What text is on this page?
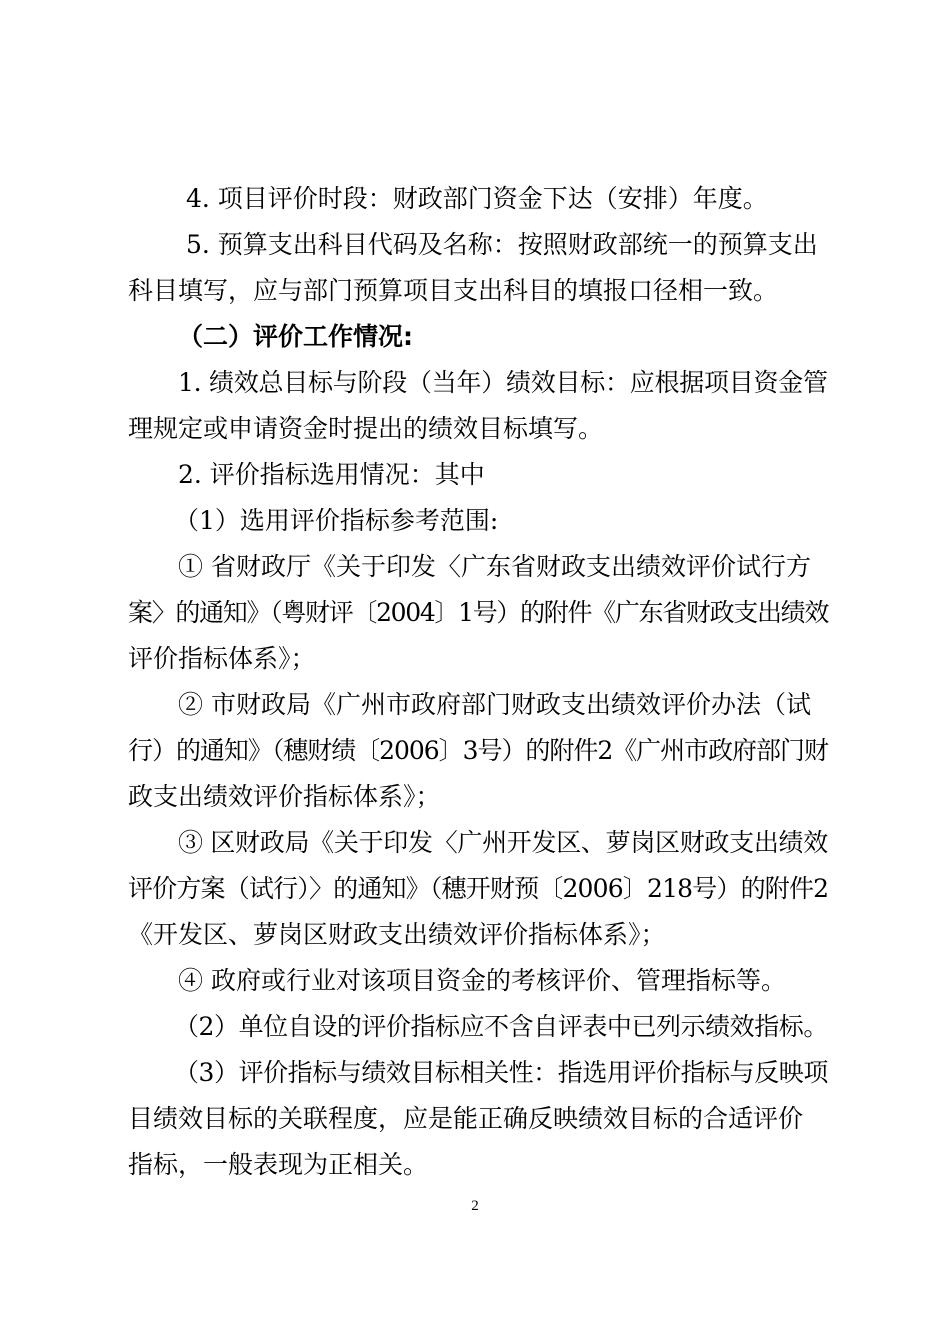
4. 项目评价时段：财政部门资金下达（安排）年度。
5. 预算支出科目代码及名称：按照财政部统一的预算支出
科目填写，应与部门预算项目支出科目的填报口径相一致。
（二）评价工作情况:
1. 绩效总目标与阶段（当年）绩效目标：应根据项目资金管
理规定或申请资金时提出的绩效目标填写。
2. 评价指标选用情况：其中
（1）选用评价指标参考范围:
① 省财政厅《关于印发〈广东省财政支出绩效评价试行方
案〉的通知》（粤财评〔2004〕1号）的附件《广东省财政支出绩效
评价指标体系》；
② 市财政局《广州市政府部门财政支出绩效评价办法（试
行）的通知》（穗财绩〔2006〕3号）的附件2《广州市政府部门财
政支出绩效评价指标体系》；
③ 区财政局《关于印发〈广州开发区、萝岗区财政支出绩效
评价方案（试行）〉的通知》（穗开财预〔2006〕218号）的附件2
《开发区、萝岗区财政支出绩效评价指标体系》；
④ 政府或行业对该项目资金的考核评价、管理指标等。
（2）单位自设的评价指标应不含自评表中已列示绩效指标。
（3）评价指标与绩效目标相关性：指选用评价指标与反映项
目绩效目标的关联程度，应是能正确反映绩效目标的合适评价
指标，一般表现为正相关。
2
